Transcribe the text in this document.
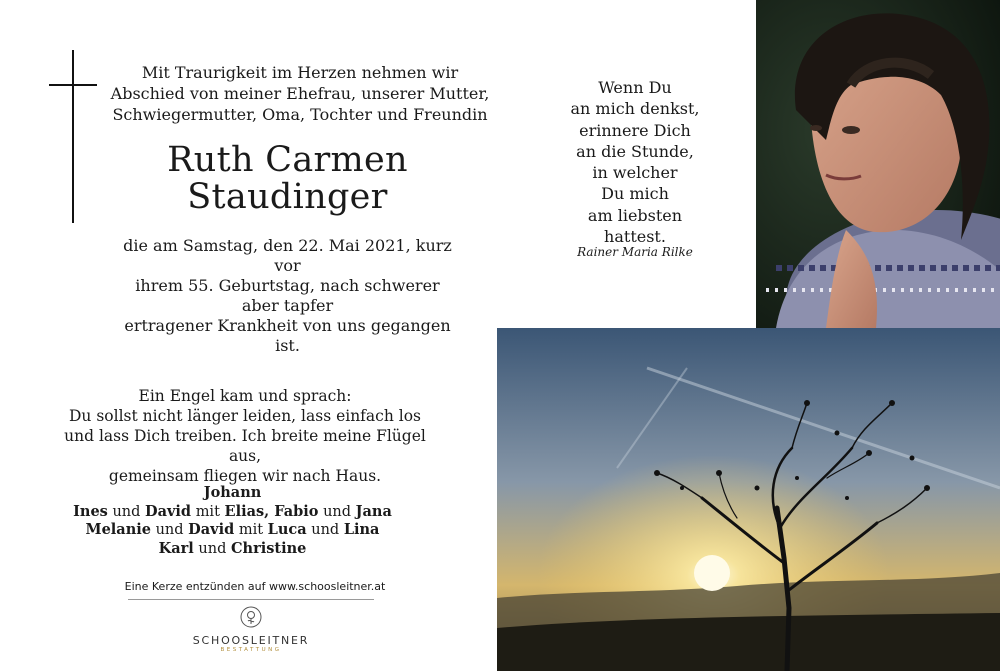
Mit Traurigkeit im Herzen nehmen wir
Abschied von meiner Ehefrau, unserer Mutter,
Schwiegermutter, Oma, Tochter und Freundin
Ruth Carmen
Staudinger
die am Samstag, den 22. Mai 2021, kurz vor
ihrem 55. Geburtstag, nach schwerer aber tapfer
ertragener Krankheit von uns gegangen ist.
Wenn Du
an mich denkst,
erinnere Dich
an die Stunde,
in welcher
Du mich
am liebsten
hattest.
Rainer Maria Rilke
Ein Engel kam und sprach:
Du sollst nicht länger leiden, lass einfach los
und lass Dich treiben. Ich breite meine Flügel aus,
gemeinsam fliegen wir nach Haus.
Johann
Ines und David mit Elias, Fabio und Jana
Melanie und David mit Luca und Lina
Karl und Christine
Eine Kerze entzünden auf www.schoosleitner.at
SCHOOSLEITNER
BESTATTUNG
